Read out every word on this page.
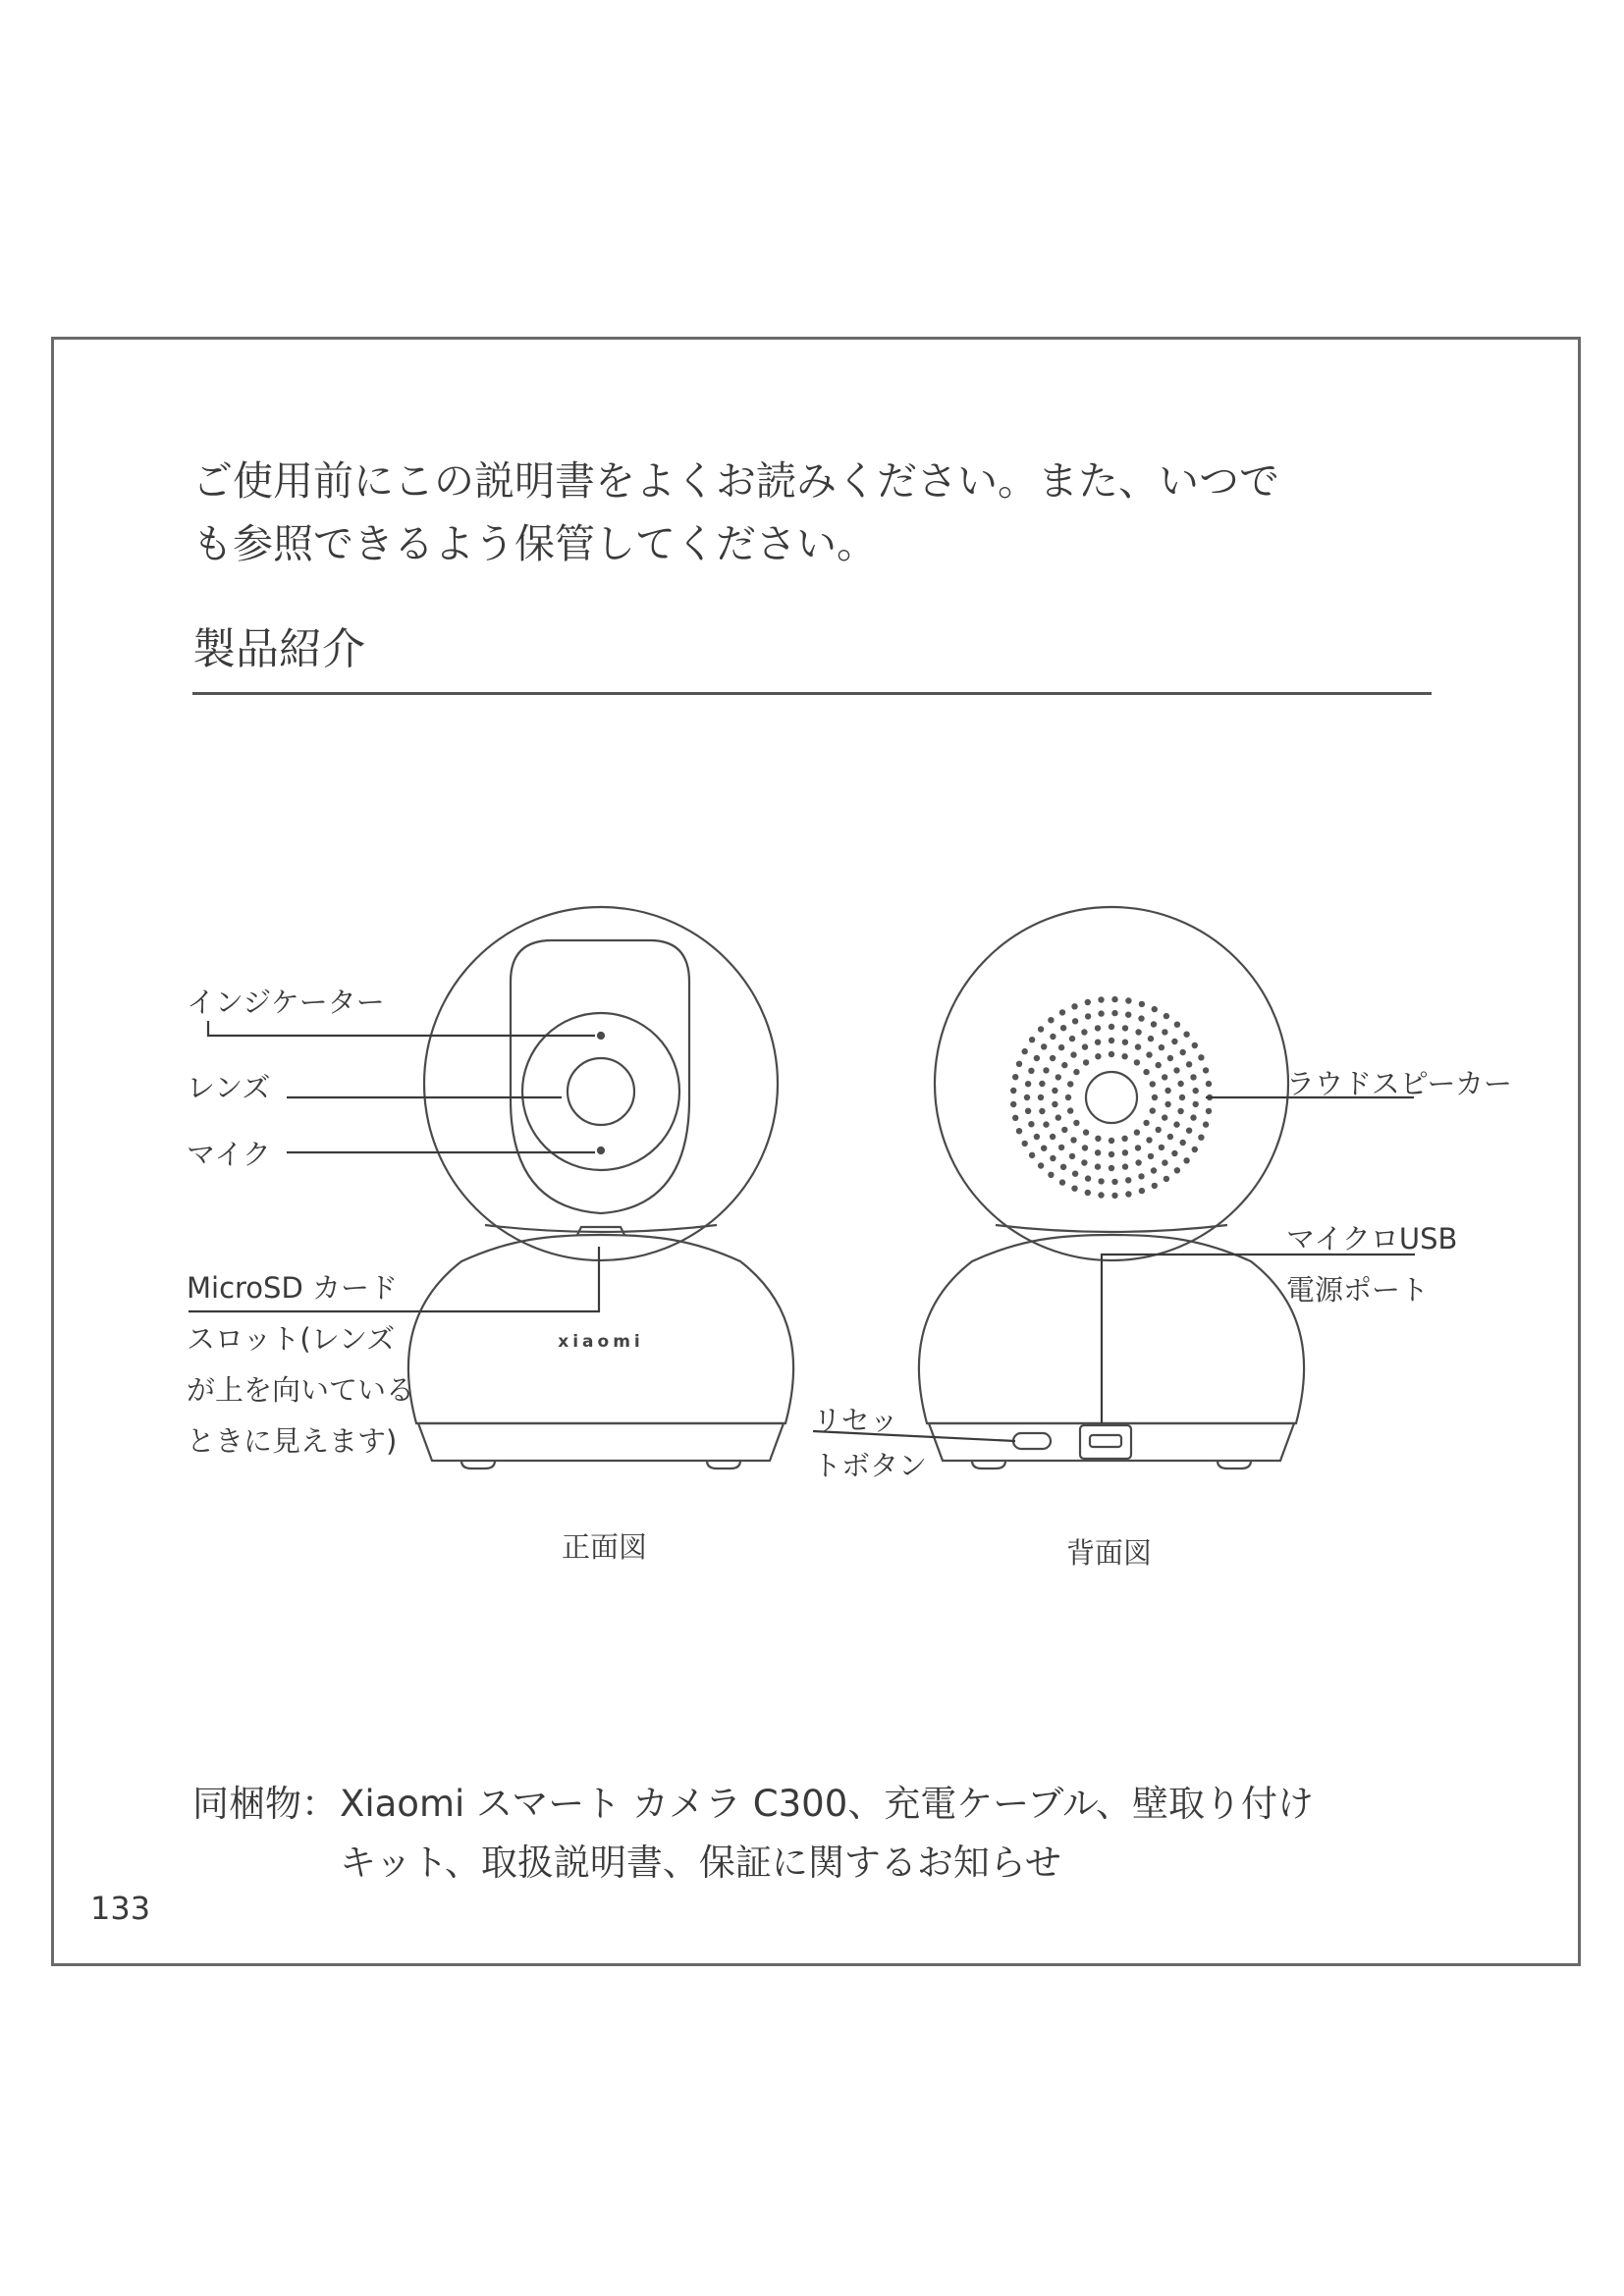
ご使用前にこの説明書をよくお読みください。また、いつで
も参照できるよう保管してください。
製品紹介
xiaomi
インジケーター
レンズ
マイク
MicroSD カード
スロット(レンズ
が上を向いている
ときに見えます)
ラウドスピーカー
マイクロUSB
電源ポート
リセッ
トボタン
正面図	背面図
同梱物： Xiaomi スマート カメラ C300、充電ケーブル、壁取り付け
キット、取扱説明書、保証に関するお知らせ
133
